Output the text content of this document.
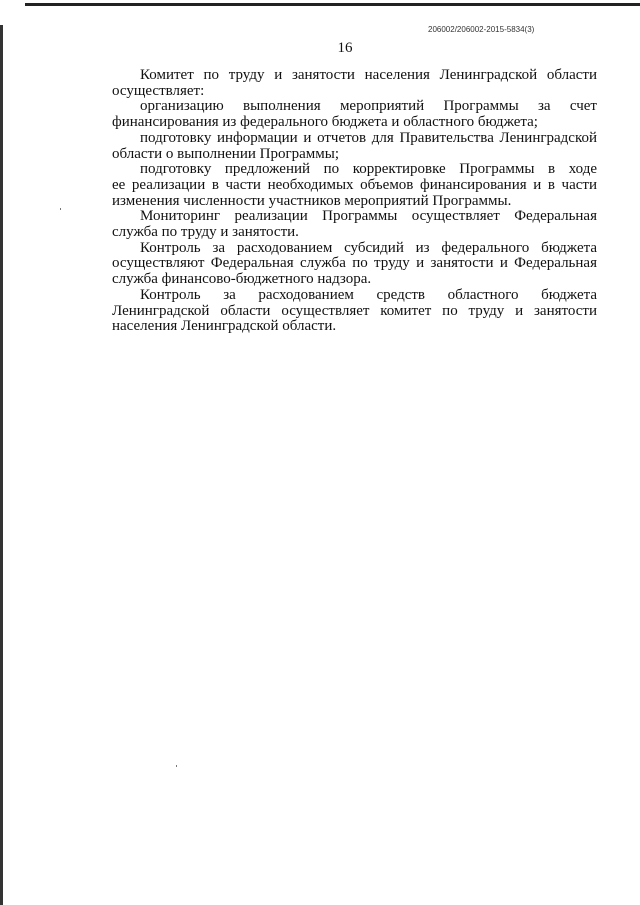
206002/206002-2015-5834(3)
16
Комитет по труду и занятости населения Ленинградской области
осуществляет:
организацию выполнения мероприятий Программы за счет
финансирования из федерального бюджета и областного бюджета;
подготовку информации и отчетов для Правительства Ленинградской
области о выполнении Программы;
подготовку предложений по корректировке Программы в ходе
ее реализации в части необходимых объемов финансирования и в части
изменения численности участников мероприятий Программы.
Мониторинг реализации Программы осуществляет Федеральная
служба по труду и занятости.
Контроль за расходованием субсидий из федерального бюджета
осуществляют Федеральная служба по труду и занятости и Федеральная
служба финансово-бюджетного надзора.
Контроль за расходованием средств областного бюджета
Ленинградской области осуществляет комитет по труду и занятости
населения Ленинградской области.
